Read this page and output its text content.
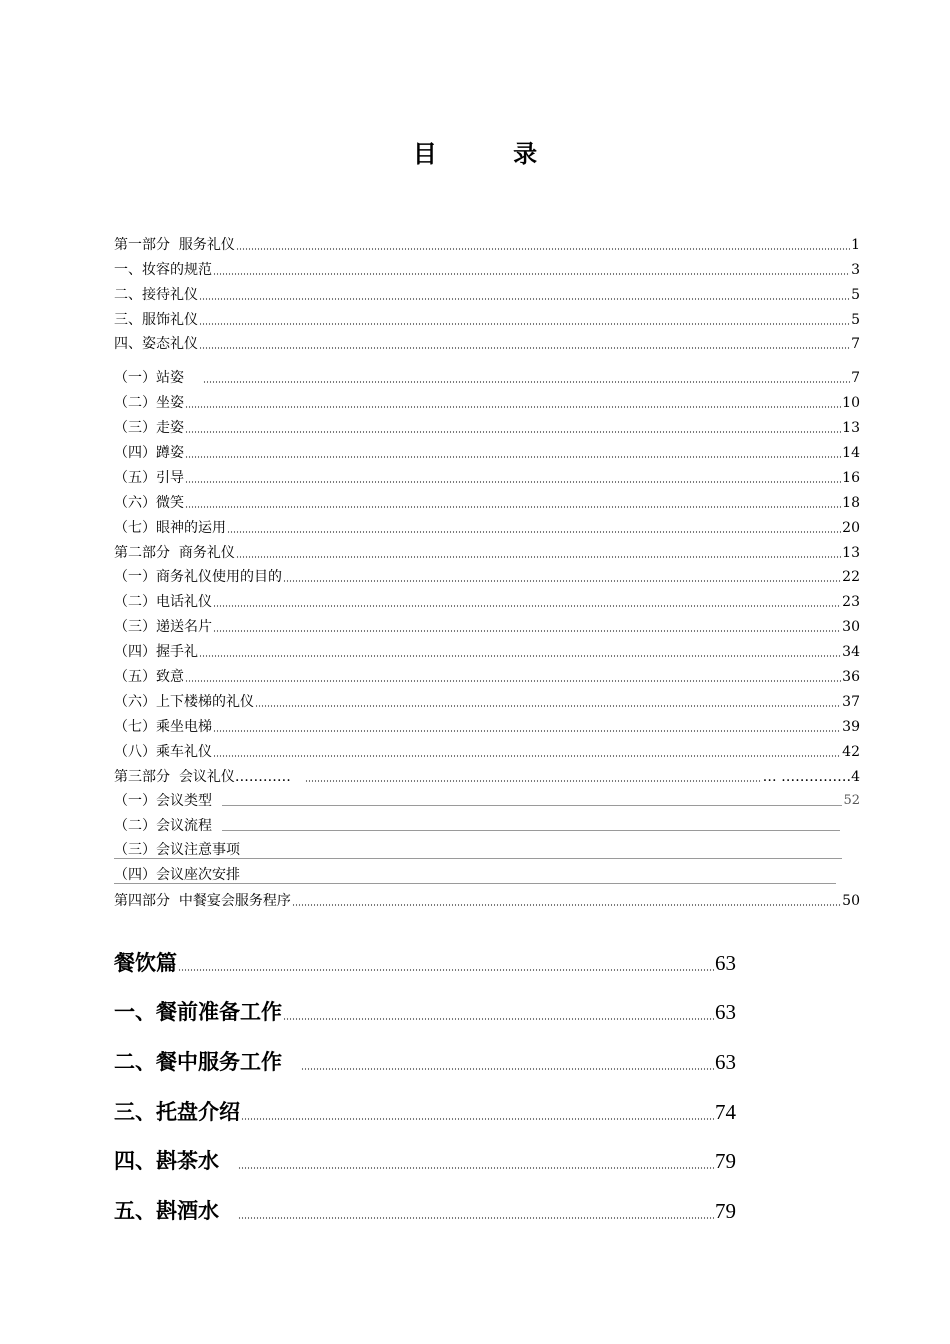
目 录
第一部分  服务礼仪	1
一、妆容的规范	3
二、接待礼仪	5
三、服饰礼仪	5
四、姿态礼仪	7
（一）站姿	7
（二）坐姿	10
（三）走姿	13
（四）蹲姿	14
（五）引导	16
（六）微笑	18
（七）眼神的运用	20
第二部分  商务礼仪	13
（一）商务礼仪使用的目的	22
（二）电话礼仪	23
（三）递送名片	30
（四）握手礼	34
（五）致意	36
（六）上下楼梯的礼仪	37
（七）乘坐电梯	39
（八）乘车礼仪	42
第三部分  会议礼仪…………	… ……………4
（一）会议类型	52
（二）会议流程
（三）会议注意事项
（四）会议座次安排
第四部分  中餐宴会服务程序	50
餐饮篇	63
一、餐前准备工作	63
二、餐中服务工作	63
三、托盘介绍	74
四、斟茶水	79
五、斟酒水	79
